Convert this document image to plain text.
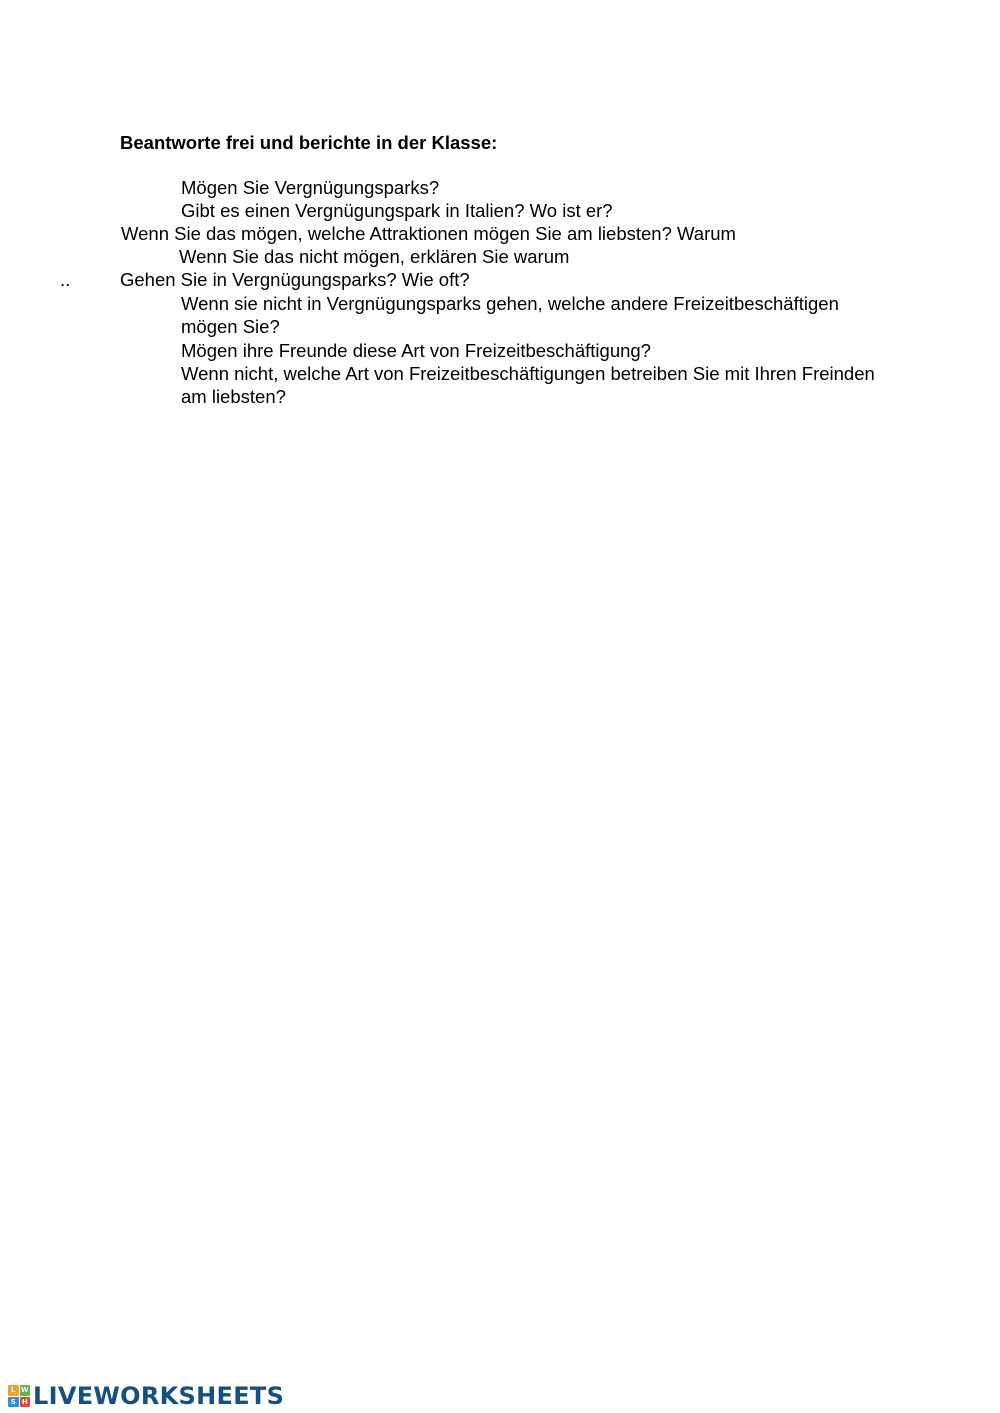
Beantworte frei und berichte in der Klasse:
Mögen Sie Vergnügungsparks?
Gibt es einen Vergnügungspark in Italien? Wo ist er?
Wenn Sie das mögen, welche Attraktionen mögen Sie am liebsten? Warum
Wenn Sie das nicht mögen, erklären Sie warum
..	Gehen Sie in Vergnügungsparks? Wie oft?
Wenn sie nicht in Vergnügungsparks gehen, welche andere Freizeitbeschäftigen
mögen Sie?
Mögen ihre Freunde diese Art von Freizeitbeschäftigung?
Wenn nicht, welche Art von Freizeitbeschäftigungen betreiben Sie mit Ihren Freinden
am liebsten?
L W
S H LIVEWORKSHEETS
